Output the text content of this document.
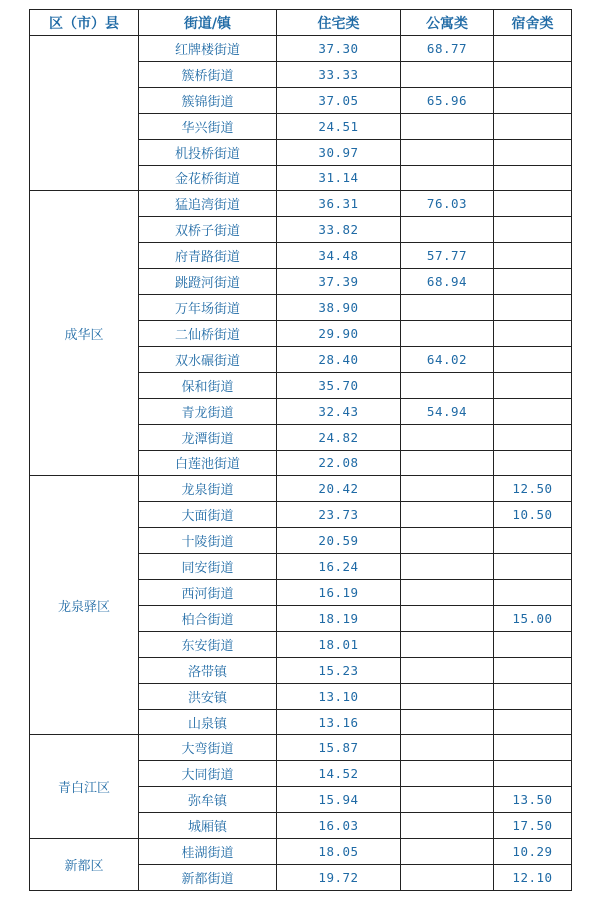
区（市）县	街道/镇	住宅类	公寓类	宿舍类
	红牌楼街道	37.30	68.77	
	簇桥街道	33.33		
	簇锦街道	37.05	65.96	
	华兴街道	24.51		
	机投桥街道	30.97		
	金花桥街道	31.14		
成华区	猛追湾街道	36.31	76.03	
	双桥子街道	33.82		
	府青路街道	34.48	57.77	
	跳蹬河街道	37.39	68.94	
	万年场街道	38.90		
	二仙桥街道	29.90		
	双水碾街道	28.40	64.02	
	保和街道	35.70		
	青龙街道	32.43	54.94	
	龙潭街道	24.82		
	白莲池街道	22.08		
龙泉驿区	龙泉街道	20.42		12.50
	大面街道	23.73		10.50
	十陵街道	20.59		
	同安街道	16.24		
	西河街道	16.19		
	柏合街道	18.19		15.00
	东安街道	18.01		
	洛带镇	15.23		
	洪安镇	13.10		
	山泉镇	13.16		
青白江区	大弯街道	15.87		
	大同街道	14.52		
	弥牟镇	15.94		13.50
	城厢镇	16.03		17.50
新都区	桂湖街道	18.05		10.29
	新都街道	19.72		12.10
